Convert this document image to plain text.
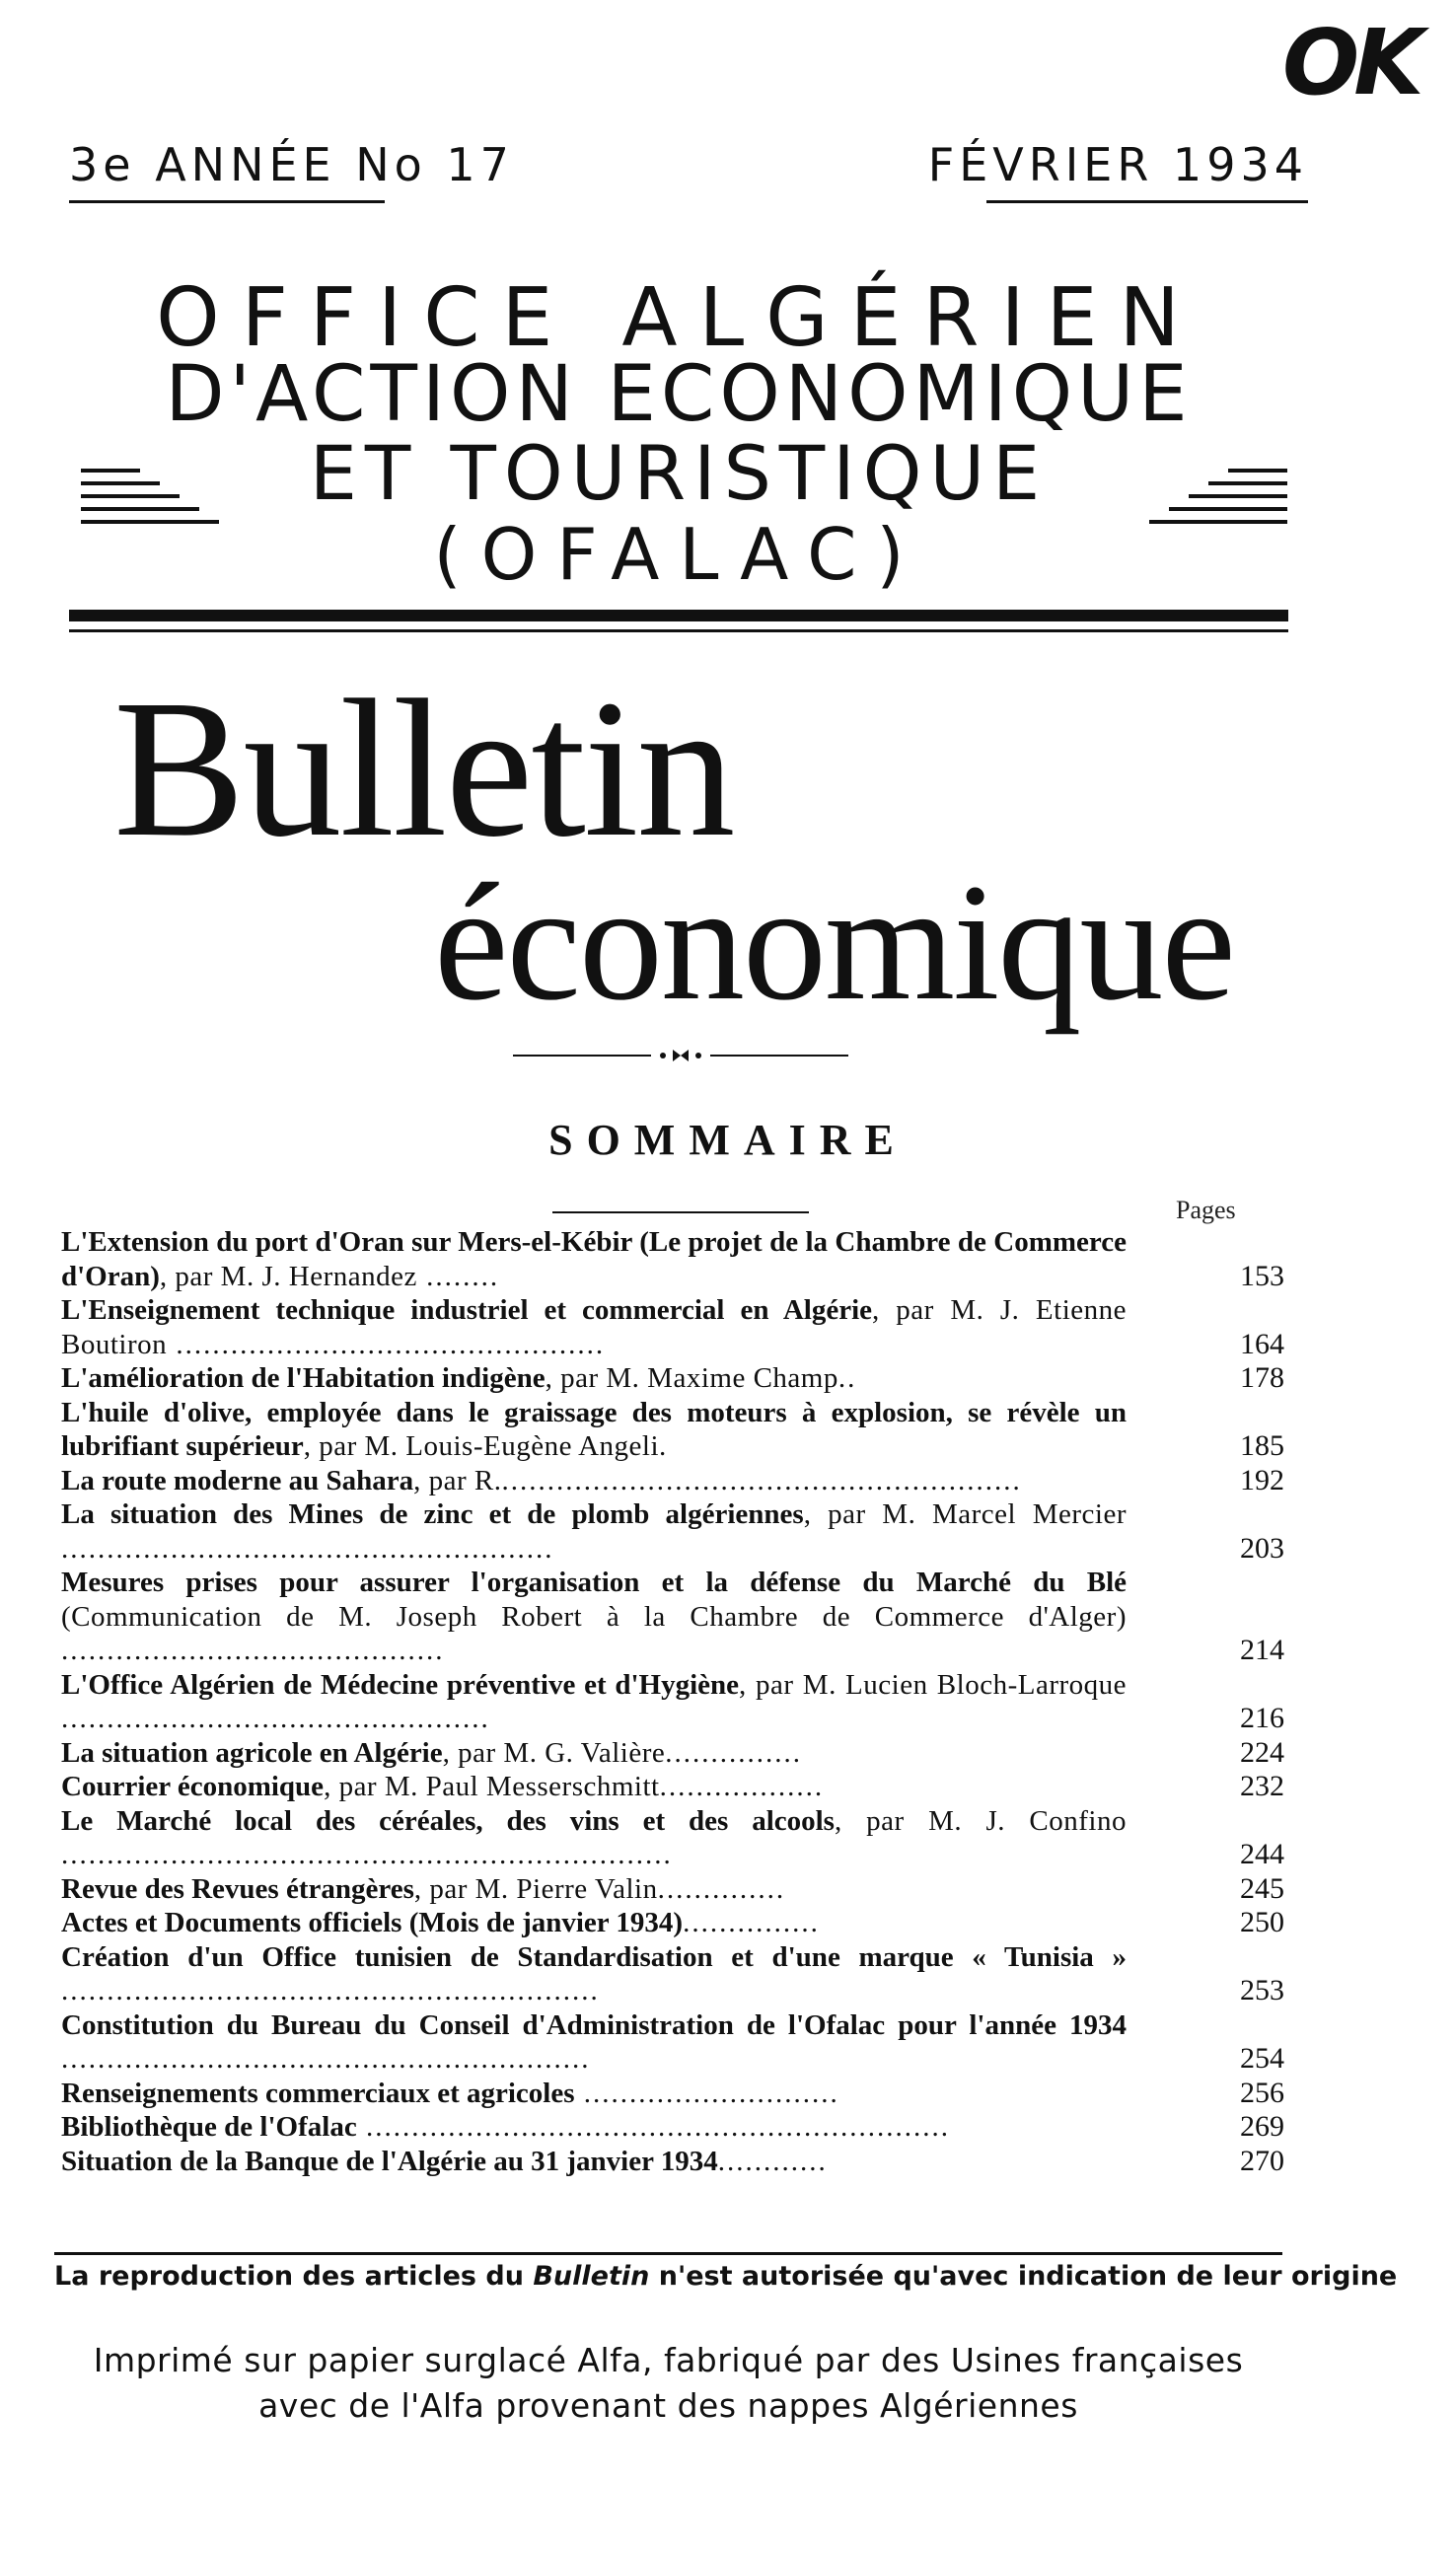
OK
3e ANNÉE No 17	FÉVRIER 1934
OFFICE ALGÉRIEN
D'ACTION ECONOMIQUE
ET TOURISTIQUE
(OFALAC)
Bulletin
économique
SOMMAIRE
Pages
L'Extension du port d'Oran sur Mers-el-Kébir (Le projet de la Chambre de Commerce d'Oran), par M. J. Hernandez ........	153
L'Enseignement technique industriel et commercial en Algérie, par M. J. Etienne Boutiron ...............................................	164
L'amélioration de l'Habitation indigène, par M. Maxime Champ..	178
L'huile d'olive, employée dans le graissage des moteurs à explosion, se révèle un lubrifiant supérieur, par M. Louis-Eugène Angeli.	185
La route moderne au Sahara, par R..........................................................	192
La situation des Mines de zinc et de plomb algériennes, par M. Marcel Mercier ......................................................	203
Mesures prises pour assurer l'organisation et la défense du Marché du Blé (Communication de M. Joseph Robert à la Chambre de Commerce d'Alger) ..........................................	214
L'Office Algérien de Médecine préventive et d'Hygiène, par M. Lucien Bloch-Larroque ...............................................	216
La situation agricole en Algérie, par M. G. Valière...............	224
Courrier économique, par M. Paul Messerschmitt..................	232
Le Marché local des céréales, des vins et des alcools, par M. J. Confino ...................................................................	244
Revue des Revues étrangères, par M. Pierre Valin..............	245
Actes et Documents officiels (Mois de janvier 1934)...............	250
Création d'un Office tunisien de Standardisation et d'une marque « Tunisia » ...........................................................	253
Constitution du Bureau du Conseil d'Administration de l'Ofalac pour l'année 1934 ..........................................................	254
Renseignements commerciaux et agricoles ............................	256
Bibliothèque de l'Ofalac ................................................................	269
Situation de la Banque de l'Algérie au 31 janvier 1934............	270
La reproduction des articles du Bulletin n'est autorisée qu'avec indication de leur origine
Imprimé sur papier surglacé Alfa, fabriqué par des Usines françaises
avec de l'Alfa provenant des nappes Algériennes
